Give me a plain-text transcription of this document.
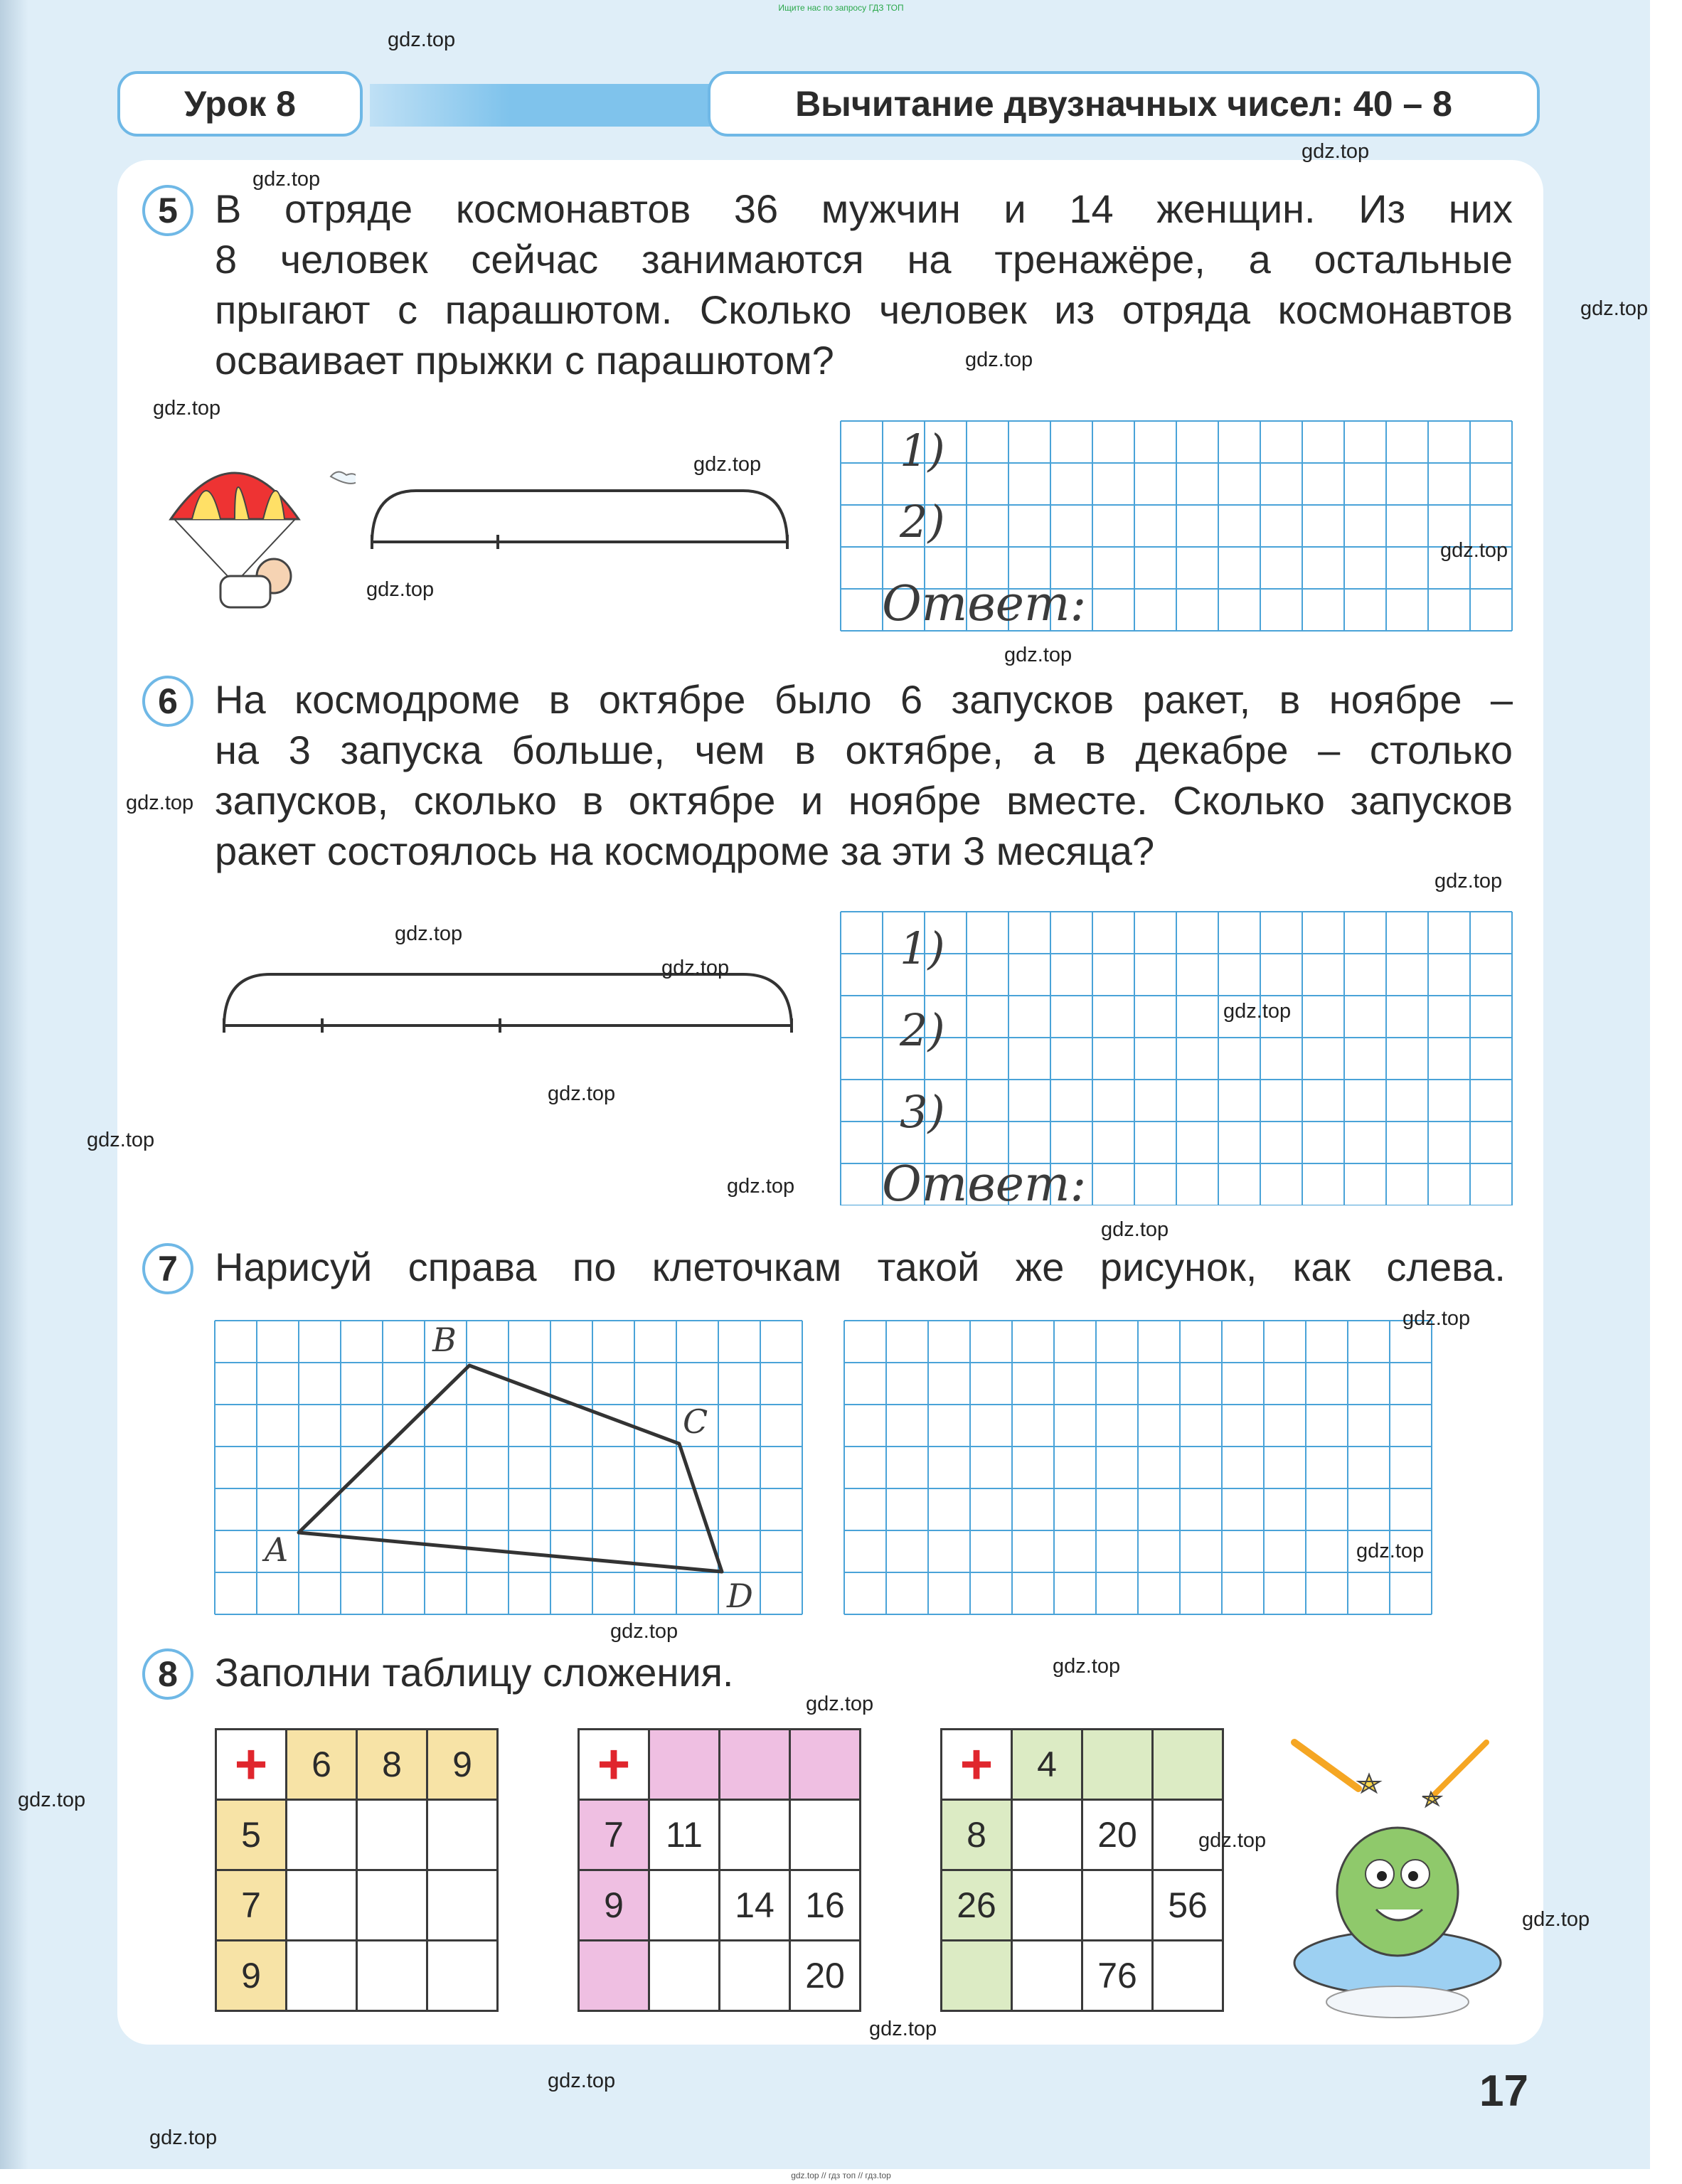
Ищите нас по запросу ГДЗ ТОП
Урок 8	Вычитание двузначных чисел: 40 – 8
5 В отряде космонавтов 36 мужчин и 14 женщин. Из них
8 человек сейчас занимаются на тренажёре, а остальные
прыгают с парашютом. Сколько человек из отряда космонавтов
осваивает прыжки с парашютом?
1)
2)
Ответ:
6 На космодроме в октябре было 6 запусков ракет, в ноябре –
на 3 запуска больше, чем в октябре, а в декабре – столько
запусков, сколько в октябре и ноябре вместе. Сколько запусков
ракет состоялось на космодроме за эти 3 месяца?
1)
2)
3)
Ответ:
7 Нарисуй справа по клеточкам такой же рисунок, как слева.
A
B
C
D
8 Заполни таблицу сложения.
+	6	8	9
5			
7			
9			
+			
7	11		
9		14	16
			20
+	4		
8		20	
26			56
		76	
17
gdz.top
gdz.top
gdz.top
gdz.top
gdz.top
gdz.top
gdz.top
gdz.top
gdz.top
gdz.top
gdz.top
gdz.top
gdz.top
gdz.top
gdz.top
gdz.top
gdz.top
gdz.top
gdz.top
gdz.top
gdz.top
gdz.top
gdz.top
gdz.top
gdz.top
gdz.top
gdz.top
gdz.top
gdz.top
gdz.top
gdz.top // гдз топ // гдз.top
